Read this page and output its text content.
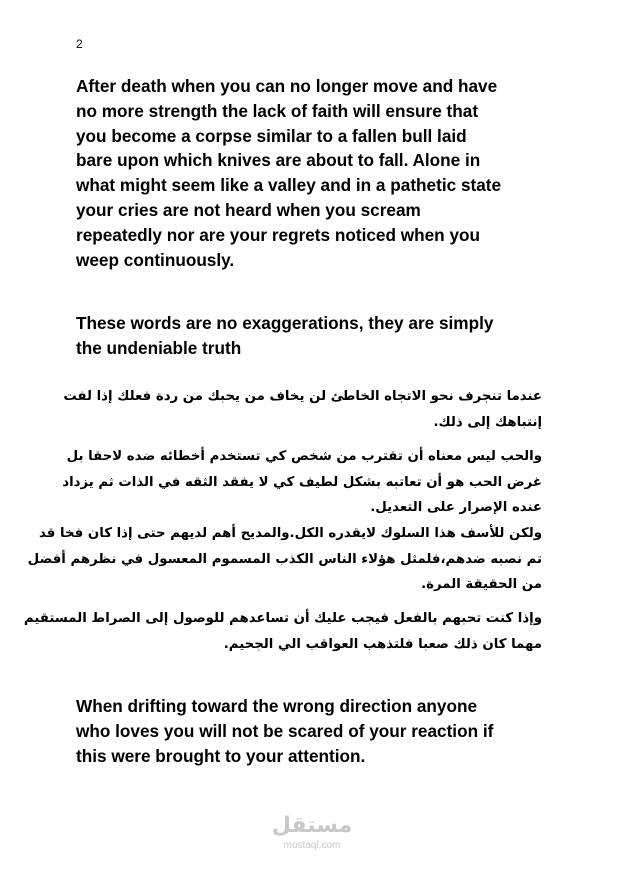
2
After death when you can no longer move and have
no more strength the lack of faith will ensure that
you become a corpse similar to a fallen bull laid
bare upon which knives are about to fall. Alone in
what might seem like a valley and in a pathetic state
your cries are not heard when you scream
repeatedly nor are your regrets noticed when you
weep continuously.
These words are no exaggerations, they are simply
the undeniable truth
عندما تنجرف نحو الاتجاه الخاطئ لن يخاف من يحبك من ردة فعلك إذا لفت
إنتباهك إلى ذلك.
والحب ليس معناه أن تقترب من شخص كي تستخدم أخطائه ضده لاحقا بل
غرض الحب هو أن تعاتبه بشكل لطيف كي لا يفقد الثقه في الذات ثم يزداد
عنده الإصرار على التعديل.
ولكن للأسف هذا السلوك لايقدره الكل.والمديح أهم لديهم حتى إذا كان فخا قد
تم نصبه ضدهم،فلمثل هؤلاء الناس الكذب المسموم المعسول في نظرهم أفضل
من الحقيقة المرة.
وإذا كنت تحبهم بالفعل فيجب عليك أن تساعدهم للوصول إلى الصراط المستقيم
مهما كان ذلك صعبا فلتذهب العواقب الي الجحيم.
When drifting toward the wrong direction anyone
who loves you will not be scared of your reaction if
this were brought to your attention.
مستقل
mostaql.com
